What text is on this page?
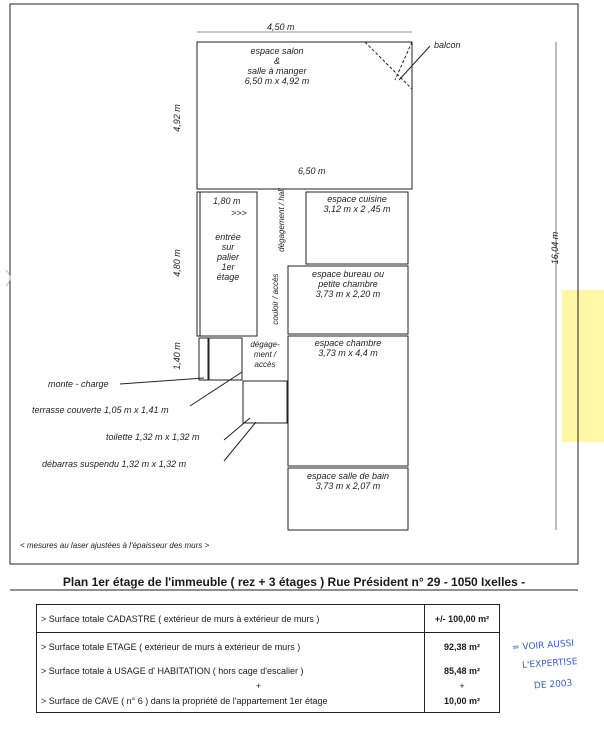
4,50 m
balcon
espace salon
&
salle à manger
6,50 m x 4,92 m
4,92 m
6,50 m
16,04 m
4,80 m
1,40 m
1,80 m
>>>
entrée
sur
palier
1er
étage
dégagement / hall
couloir / accès
espace cuisine
3,12 m x 2 ,45 m
espace bureau ou
petite chambre
3,73 m x 2,20 m
espace chambre
3,73 m x 4,4 m
dégage-
ment /
accès
espace salle de bain
3,73 m x 2,07 m
monte - charge
terrasse couverte 1,05 m x 1,41 m
toilette 1,32 m x 1,32 m
débarras suspendu 1,32 m x 1,32 m
< mesures au laser ajustées à l'épaisseur des murs >
Plan 1er étage de l'immeuble ( rez + 3 étages ) Rue Président n° 29 - 1050 Ixelles -
> Surface totale CADASTRE ( extérieur de murs à extérieur de murs )	+/- 100,00 m²
> Surface totale ETAGE ( extérieur de murs à extérieur de murs )	92,38 m²
> Surface totale à USAGE d' HABITATION ( hors cage d'escalier )	85,48 m²
+	+
> Surface de CAVE ( n° 6 ) dans la propriété de l'appartement 1er étage	10,00 m²
= VOIR AUSSI
L'EXPERTISE
DE 2003
